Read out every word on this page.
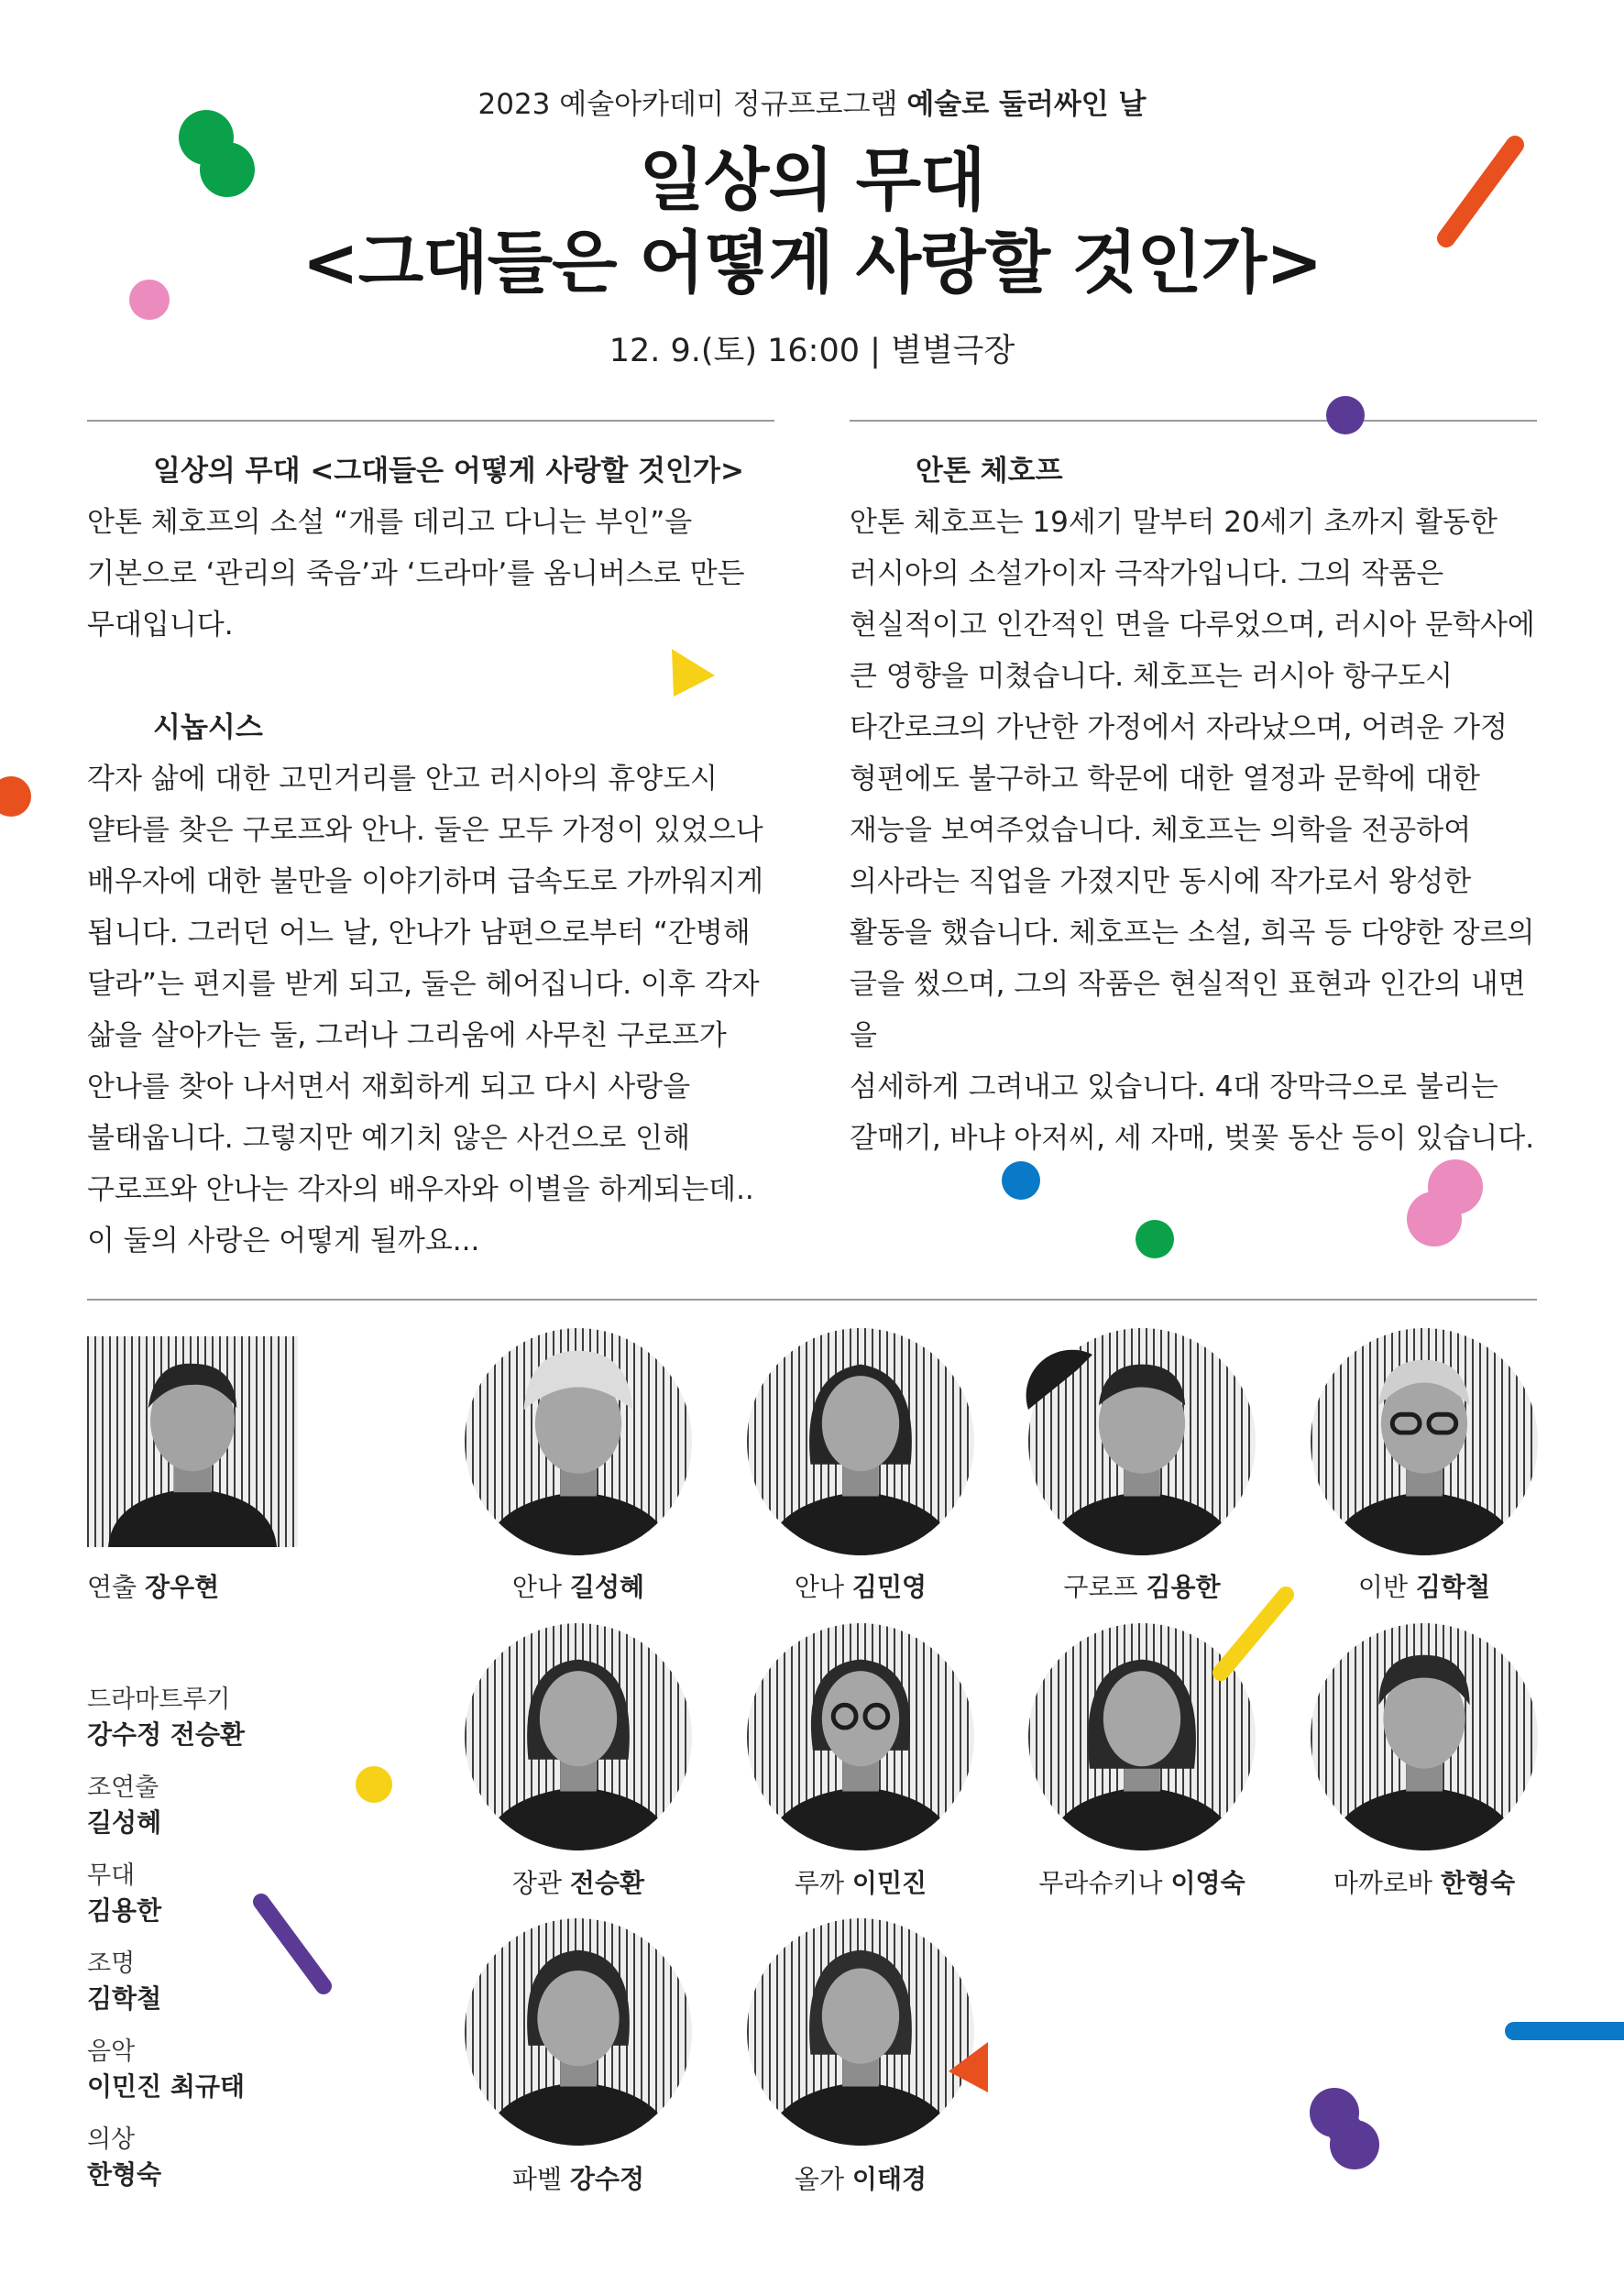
2023 예술아카데미 정규프로그램 예술로 둘러싸인 날
일상의 무대
<그대들은 어떻게 사랑할 것인가>
12. 9.(토) 16:00 | 별별극장

일상의 무대 <그대들은 어떻게 사랑할 것인가>

안톤 체호프의 소설 “개를 데리고 다니는 부인”을

기본으로 ‘관리의 죽음’과 ‘드라마’를 옴니버스로 만든

무대입니다.

시놉시스

각자 삶에 대한 고민거리를 안고 러시아의 휴양도시

얄타를 찾은 구로프와 안나. 둘은 모두 가정이 있었으나

배우자에 대한 불만을 이야기하며 급속도로 가까워지게

됩니다. 그러던 어느 날, 안나가 남편으로부터 “간병해

달라”는 편지를 받게 되고, 둘은 헤어집니다. 이후 각자

삶을 살아가는 둘, 그러나 그리움에 사무친 구로프가

안나를 찾아 나서면서 재회하게 되고 다시 사랑을

불태웁니다. 그렇지만 예기치 않은 사건으로 인해

구로프와 안나는 각자의 배우자와 이별을 하게되는데..

이 둘의 사랑은 어떻게 될까요...

안톤 체호프

안톤 체호프는 19세기 말부터 20세기 초까지 활동한

러시아의 소설가이자 극작가입니다. 그의 작품은

현실적이고 인간적인 면을 다루었으며, 러시아 문학사에

큰 영향을 미쳤습니다. 체호프는 러시아 항구도시

타간로크의 가난한 가정에서 자라났으며, 어려운 가정

형편에도 불구하고 학문에 대한 열정과 문학에 대한

재능을 보여주었습니다. 체호프는 의학을 전공하여

의사라는 직업을 가졌지만 동시에 작가로서 왕성한

활동을 했습니다. 체호프는 소설, 희곡 등 다양한 장르의

글을 썼으며, 그의 작품은 현실적인 표현과 인간의 내면을

섬세하게 그려내고 있습니다. 4대 장막극으로 불리는

갈매기, 바냐 아저씨, 세 자매, 벚꽃 동산 등이 있습니다.

연출 장우현	안나 길성혜	안나 김민영	구로프 김용한	이반 김학철
장관 전승환	루까 이민진	무라슈키나 이영숙	마까로바 한형숙
파벨 강수정	올가 이태경
드라마트루기
강수정 전승환
조연출
길성혜
무대
김용한
조명
김학철
음악
이민진 최규태
의상
한형숙
